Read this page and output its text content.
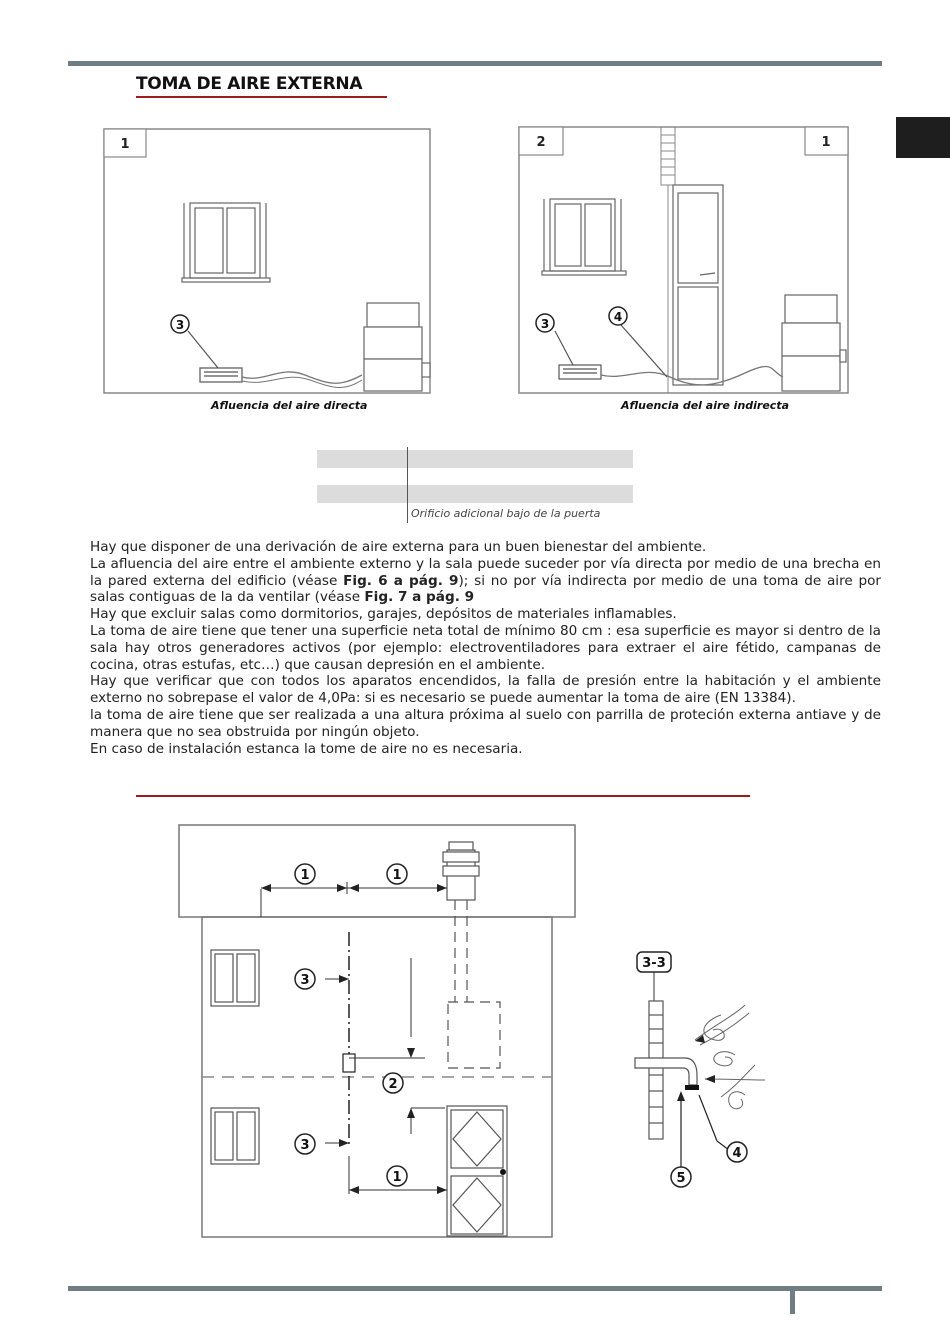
TOMA DE AIRE EXTERNA
1
3
Afluencia del aire directa
2	1
3	4
Afluencia del aire indirecta
Orificio adicional bajo de la puerta

Hay que disponer de una derivación de aire externa para un buen bienestar del ambiente.

La afluencia del aire entre el ambiente externo y la sala puede suceder por vía directa por medio de una brecha en la pared externa del edificio (véase Fig. 6 a pág. 9); si no por vía indirecta por medio de una toma de aire por salas contiguas de la da ventilar (véase Fig. 7 a pág. 9

Hay que excluir salas como dormitorios, garajes, depósitos de materiales inflamables.

La toma de aire tiene que tener una superficie neta total de mínimo 80 cm : esa superficie es mayor si dentro de la sala hay otros generadores activos (por ejemplo: electroventiladores para extraer el aire fétido, campanas de cocina, otras estufas, etc…) que causan depresión en el ambiente.

Hay que verificar que con todos los aparatos encendidos, la falla de presión entre la habitación y el ambiente externo no sobrepase el valor de 4,0Pa: si es necesario se puede aumentar la toma de aire (EN 13384).

la toma de aire tiene que ser realizada a una altura próxima al suelo con parrilla de proteción externa antiave y de manera que no sea obstruida por ningún objeto.

En caso de instalación estanca la tome de aire no es necesaria.

1	1
3
2
3
1
3-3
4
5
